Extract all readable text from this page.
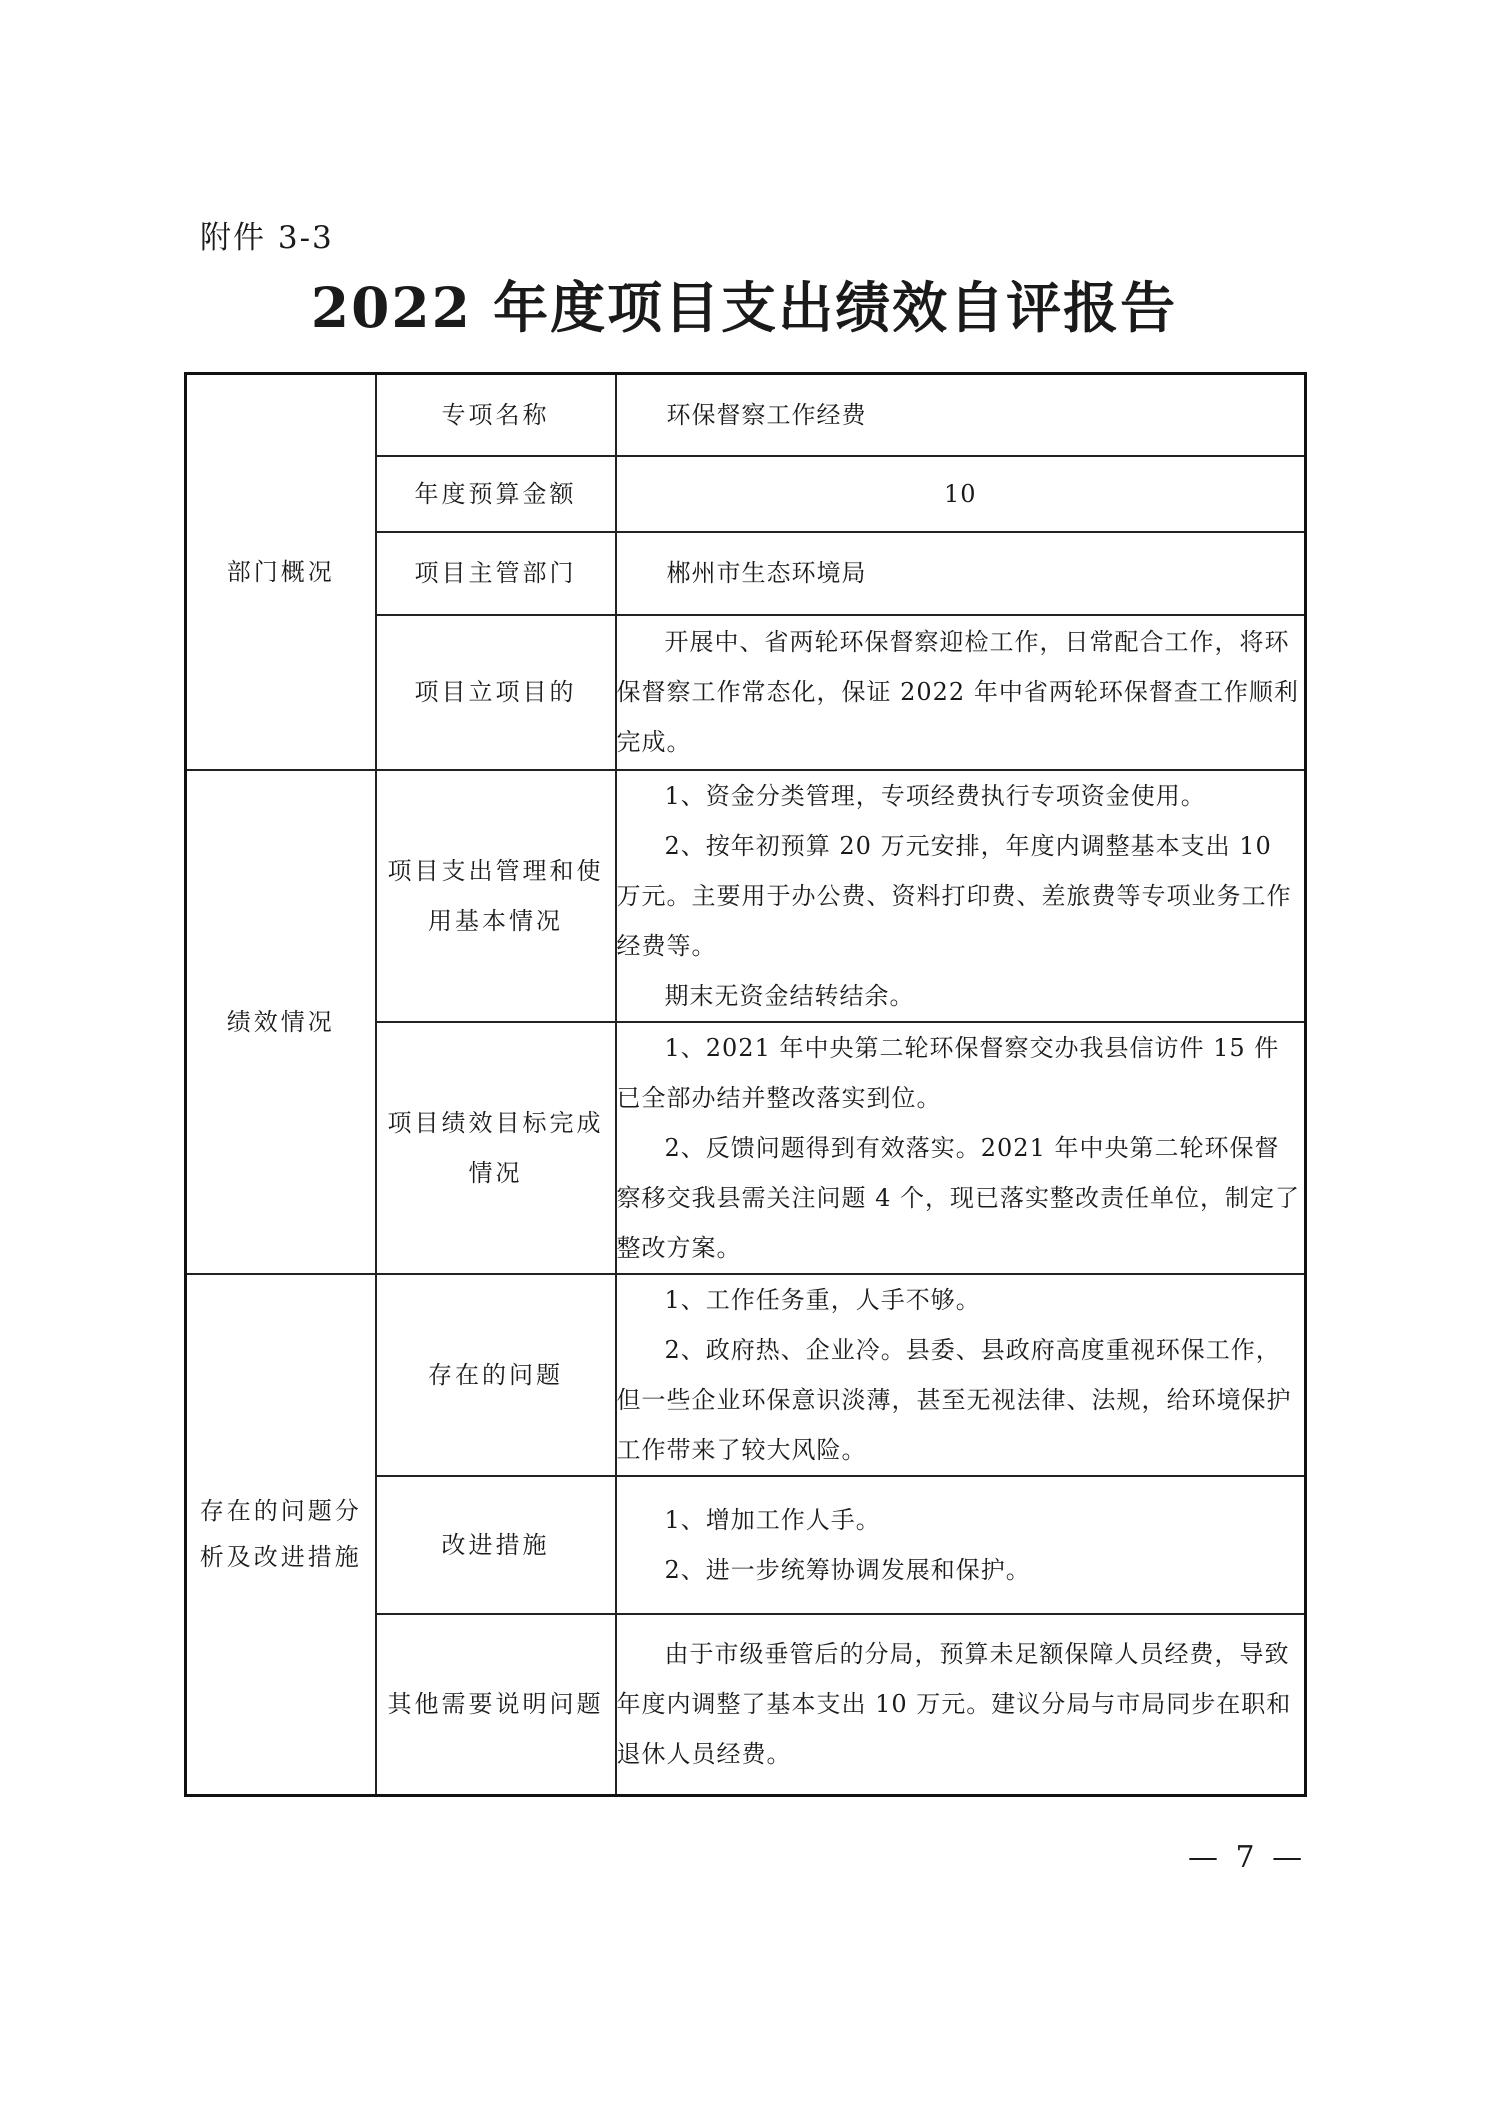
附件 3-3
2022 年度项目支出绩效自评报告
部门概况	专项名称	环保督察工作经费
	年度预算金额	10
	项目主管部门	郴州市生态环境局
	项目立项目的	开展中、省两轮环保督察迎检工作，日常配合工作，将环保督察工作常态化，保证 2022 年中省两轮环保督查工作顺利完成。

绩效情况	项目支出管理和使用基本情况	1、资金分类管理，专项经费执行专项资金使用。

2、按年初预算 20 万元安排，年度内调整基本支出 10 万元。主要用于办公费、资料打印费、差旅费等专项业务工作经费等。

期末无资金结转结余。

	项目绩效目标完成情况	1、2021 年中央第二轮环保督察交办我县信访件 15 件已全部办结并整改落实到位。

2、反馈问题得到有效落实。2021 年中央第二轮环保督察移交我县需关注问题 4 个，现已落实整改责任单位，制定了整改方案。

存在的问题分析及改进措施	存在的问题	1、工作任务重，人手不够。

2、政府热、企业冷。县委、县政府高度重视环保工作，但一些企业环保意识淡薄，甚至无视法律、法规，给环境保护工作带来了较大风险。

	改进措施	1、增加工作人手。

2、进一步统筹协调发展和保护。

	其他需要说明问题	由于市级垂管后的分局，预算未足额保障人员经费，导致年度内调整了基本支出 10 万元。建议分局与市局同步在职和退休人员经费。

— 7 —
